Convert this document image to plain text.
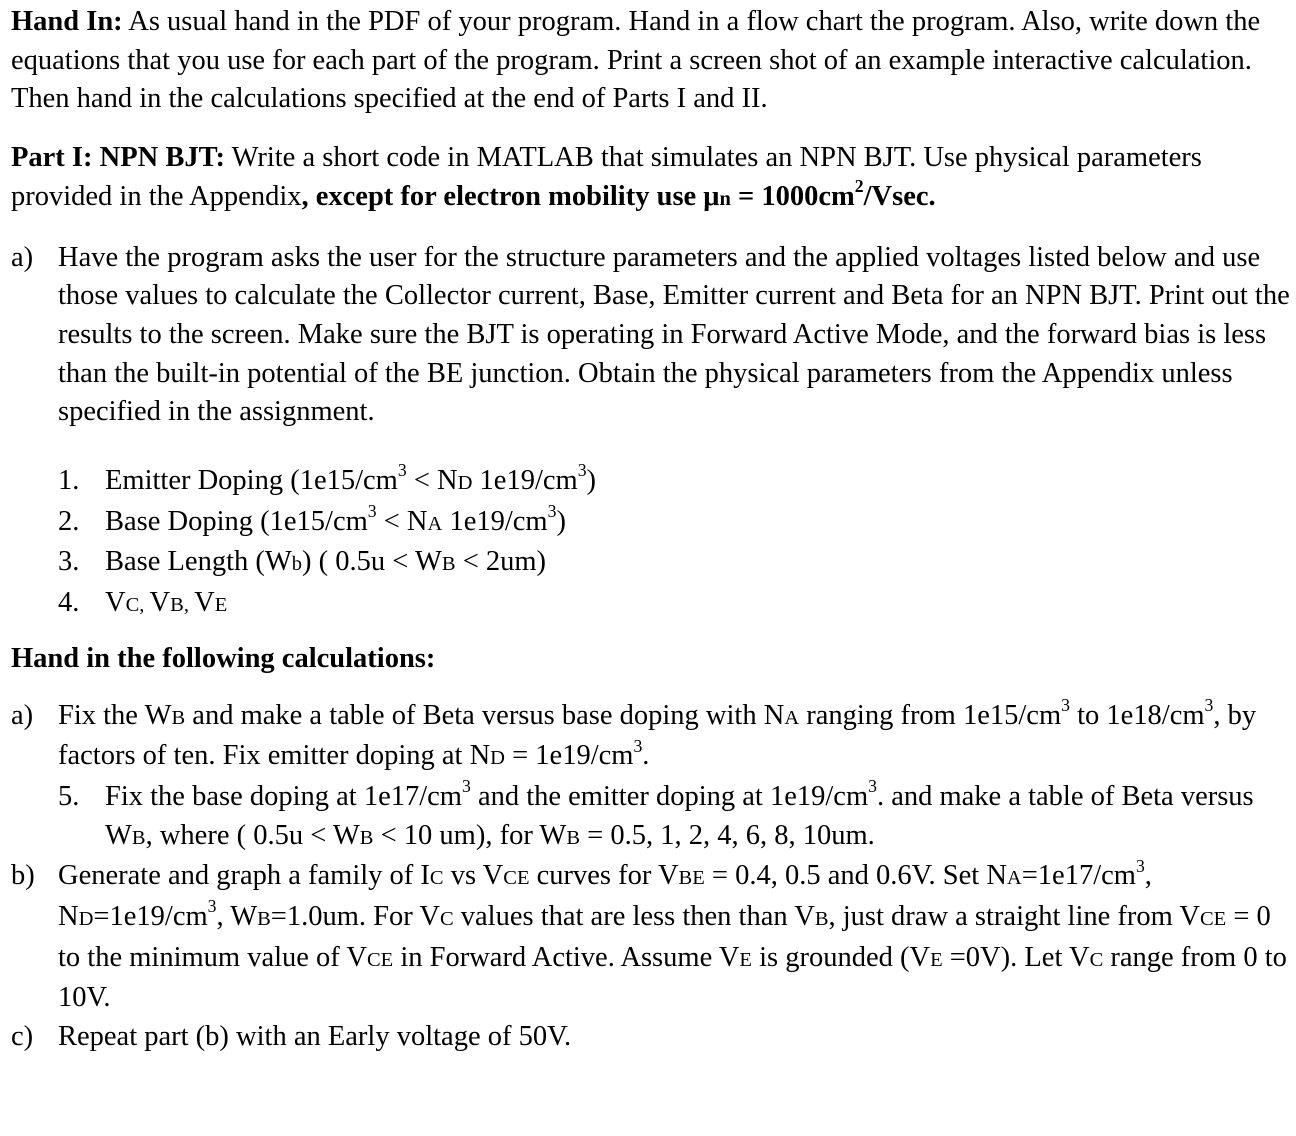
Hand In: As usual hand in the PDF of your program. Hand in a flow chart the program. Also, write down the equations that you use for each part of the program. Print a screen shot of an example interactive calculation. Then hand in the calculations specified at the end of Parts I and II.

Part I: NPN BJT: Write a short code in MATLAB that simulates an NPN BJT. Use physical parameters provided in the Appendix, except for electron mobility use $\mu n = 1000cm^2$/Vsec.

a) Have the program asks the user for the structure parameters and the applied voltages listed below and use those values to calculate the Collector current, Base, Emitter current and Beta for an NPN BJT. Print out the results to the screen. Make sure the BJT is operating in Forward Active Mode, and the forward bias is less than the built-in potential of the BE junction. Obtain the physical parameters from the Appendix unless specified in the assignment.
1. Emitter Doping ($1e15/cm^3$ < ND $1e19/cm^3$)
2. Base Doping ($1e15/cm^3$ < NA $1e19/cm^3$)
3. Base Length (Wb) ( 0.5u < WB < 2um)
4. VC, VB, VE

Hand in the following calculations:

a) Fix the WB and make a table of Beta versus base doping with NA ranging from $1e15/cm^3$ to $1e18/cm^3$, by factors of ten. Fix emitter doping at ND = $1e19/cm^3$.
5. Fix the base doping at $1e17/cm^3$ and the emitter doping at $1e19/cm^3$. and make a table of Beta versus WB, where ( 0.5u < WB < 10 um), for WB = 0.5, 1, 2, 4, 6, 8, 10um.
b) Generate and graph a family of IC vs VCE curves for VBE = 0.4, 0.5 and 0.6V. Set $NA=1e17/cm^3$, $ND=1e19/cm^3$, WB=1.0um. For VC values that are less then than VB, just draw a straight line from VCE = 0 to the minimum value of VCE in Forward Active. Assume VE is grounded (VE =0V). Let VC range from 0 to 10V.
c) Repeat part (b) with an Early voltage of 50V.
